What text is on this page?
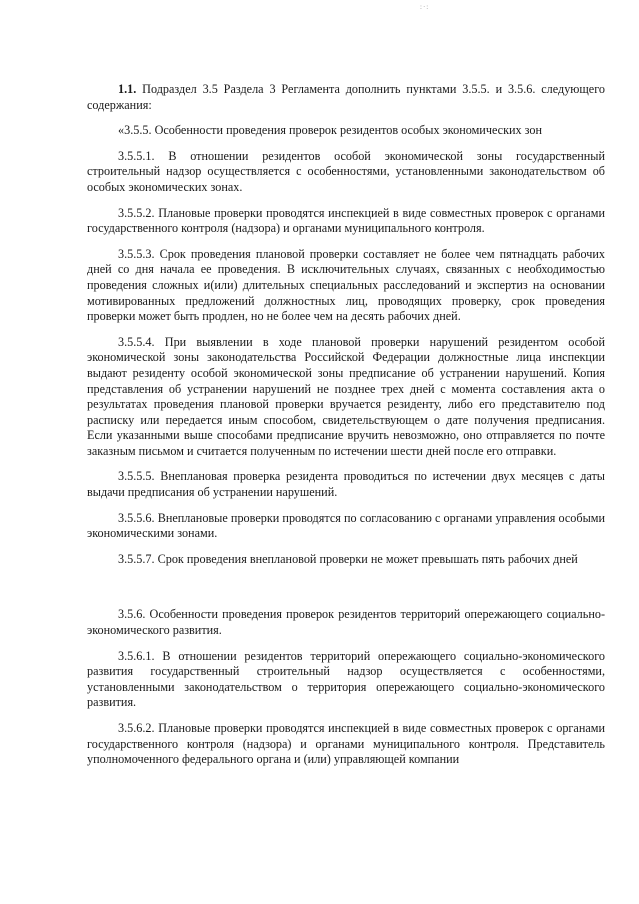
:·:

1.1. Подраздел 3.5 Раздела 3 Регламента дополнить пунктами 3.5.5. и 3.5.6. следующего содержания:

«3.5.5. Особенности проведения проверок резидентов особых экономических зон

3.5.5.1. В отношении резидентов особой экономической зоны государственный строительный надзор осуществляется с особенностями, установленными законодательством об особых экономических зонах.

3.5.5.2. Плановые проверки проводятся инспекцией в виде совместных проверок с органами государственного контроля (надзора) и органами муниципального контроля.

3.5.5.3. Срок проведения плановой проверки составляет не более чем пятнадцать рабочих дней со дня начала ее проведения. В исключительных случаях, связанных с необходимостью проведения сложных и(или) длительных специальных расследований и экспертиз на основании мотивированных предложений должностных лиц, проводящих проверку, срок проведения проверки может быть продлен, но не более чем на десять рабочих дней.

3.5.5.4. При выявлении в ходе плановой проверки нарушений резидентом особой экономической зоны законодательства Российской Федерации должностные лица инспекции выдают резиденту особой экономической зоны предписание об устранении нарушений. Копия представления об устранении нарушений не позднее трех дней с момента составления акта о результатах проведения плановой проверки вручается резиденту, либо его представителю под расписку или передается иным способом, свидетельствующем о дате получения предписания. Если указанными выше способами предписание вручить невозможно, оно отправляется по почте заказным письмом и считается полученным по истечении шести дней после его отправки.

3.5.5.5. Внеплановая проверка резидента проводиться по истечении двух месяцев с даты выдачи предписания об устранении нарушений.

3.5.5.6. Внеплановые проверки проводятся по согласованию с органами управления особыми экономическими зонами.

3.5.5.7. Срок проведения внеплановой проверки не может превышать пять рабочих дней

3.5.6. Особенности проведения проверок резидентов территорий опережающего социально-экономического развития.

3.5.6.1. В отношении резидентов территорий опережающего социально-экономического развития государственный строительный надзор осуществляется с особенностями, установленными законодательством о территория опережающего социально-экономического развития.

3.5.6.2. Плановые проверки проводятся инспекцией в виде совместных проверок с органами государственного контроля (надзора) и органами муниципального контроля. Представитель уполномоченного федерального органа и (или) управляющей компании
